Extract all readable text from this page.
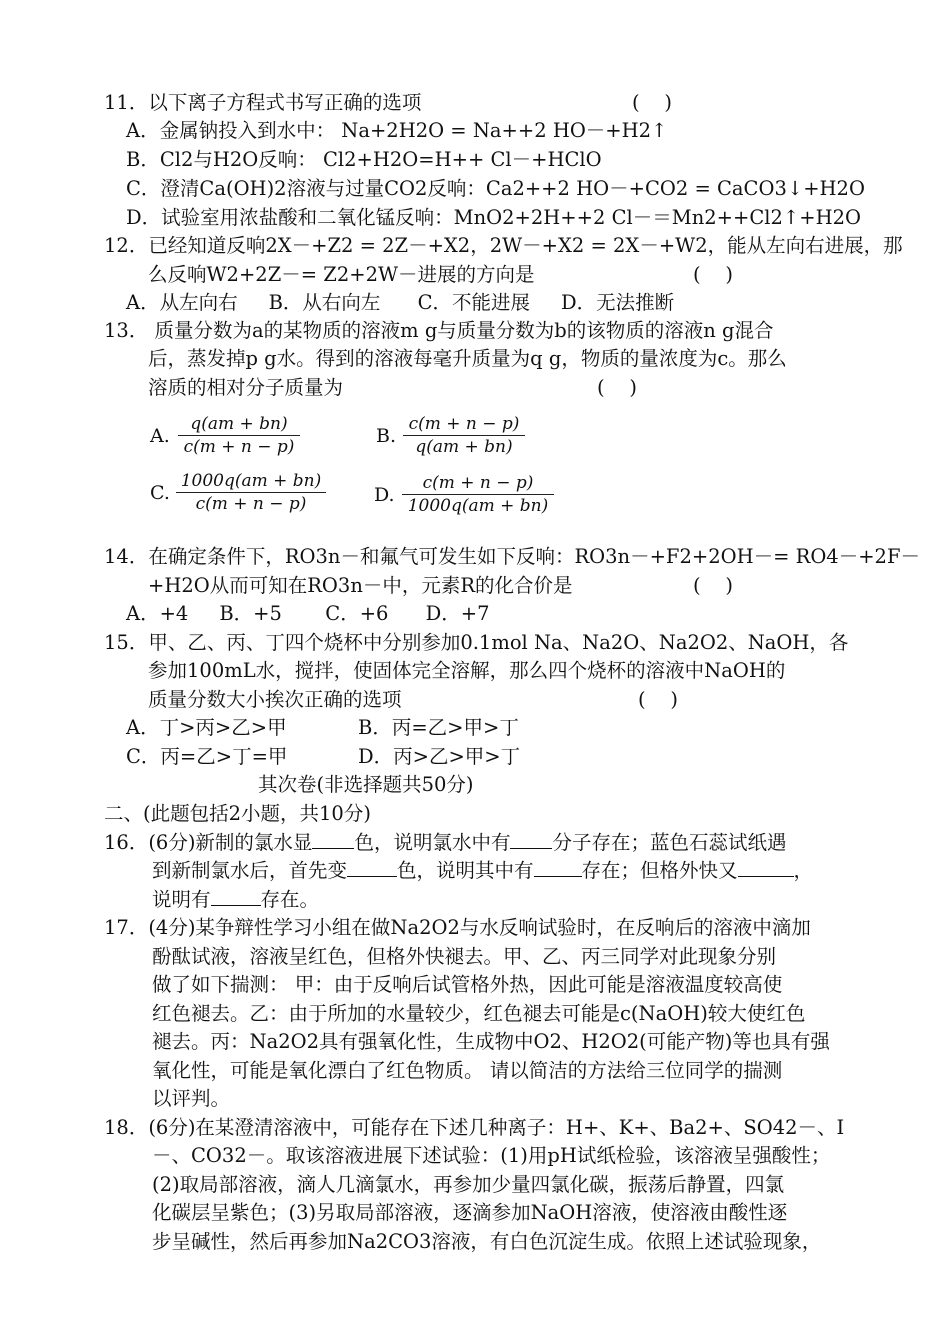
11．以下离子方程式书写正确的选项	(    )
A．金属钠投入到水中： Na+2H2O = Na++2 HO－+H2↑
B．Cl2与H2O反响： Cl2+H2O=H++ Cl－+HClO
C．澄清Ca(OH)2溶液与过量CO2反响：Ca2++2 HO－+CO2 = CaCO3↓+H2O
D．试验室用浓盐酸和二氧化锰反响：MnO2+2H++2 Cl－＝Mn2++Cl2↑+H2O
12．已经知道反响2X－+Z2 = 2Z－+X2，2W－+X2 = 2X－+W2，能从左向右进展，那
么反响W2+2Z－= Z2+2W－进展的方向是	(    )
A．从左向右     B．从右向左      C．不能进展     D．无法推断
13． 质量分数为a的某物质的溶液m g与质量分数为b的该物质的溶液n g混合
后，蒸发掉p g水。得到的溶液每毫升质量为q g，物质的量浓度为c。那么
溶质的相对分子质量为	(    )
A. $\frac{q(am + bn)}{c(m + n - p)}$	B. $\frac{c(m + n - p)}{q(am + bn)}$
C. $\frac{1000q(am + bn)}{c(m + n - p)}$	D. $\frac{c(m + n - p)}{1000q(am + bn)}$
14．在确定条件下，RO3n－和氟气可发生如下反响：RO3n－+F2+2OH－= RO4－+2F－
+H2O从而可知在RO3n－中，元素R的化合价是	(    )
A．+4     B．+5       C．+6      D．+7
15．甲、乙、丙、丁四个烧杯中分别参加0.1mol Na、Na2O、Na2O2、NaOH，各
参加100mL水，搅拌，使固体完全溶解，那么四个烧杯的溶液中NaOH的
质量分数大小挨次正确的选项	(    )
A．丁>丙>乙>甲	B．丙=乙>甲>丁
C．丙=乙>丁=甲	D．丙>乙>甲>丁
其次卷(非选择题共50分)
二、(此题包括2小题，共10分)
16．(6分)新制的氯水显 色，说明氯水中有 分子存在；蓝色石蕊试纸遇
到新制氯水后，首先变	色，说明其中有 存在；但格外快又	，
说明有	存在。
17．(4分)某争辩性学习小组在做Na2O2与水反响试验时，在反响后的溶液中滴加
酚酞试液，溶液呈红色，但格外快褪去。甲、乙、丙三同学对此现象分别
做了如下揣测： 甲：由于反响后试管格外热，因此可能是溶液温度较高使
红色褪去。乙：由于所加的水量较少，红色褪去可能是c(NaOH)较大使红色
褪去。丙：Na2O2具有强氧化性，生成物中O2、H2O2(可能产物)等也具有强
氧化性，可能是氧化漂白了红色物质。 请以简洁的方法给三位同学的揣测
以评判。
18．(6分)在某澄清溶液中，可能存在下述几种离子：H+、K+、Ba2+、SO42－、I
－、CO32－。取该溶液进展下述试验：(1)用pH试纸检验，该溶液呈强酸性；
(2)取局部溶液，滴人几滴氯水，再参加少量四氯化碳，振荡后静置，四氯
化碳层呈紫色；(3)另取局部溶液，逐滴参加NaOH溶液，使溶液由酸性逐
步呈碱性，然后再参加Na2CO3溶液，有白色沉淀生成。依照上述试验现象，
